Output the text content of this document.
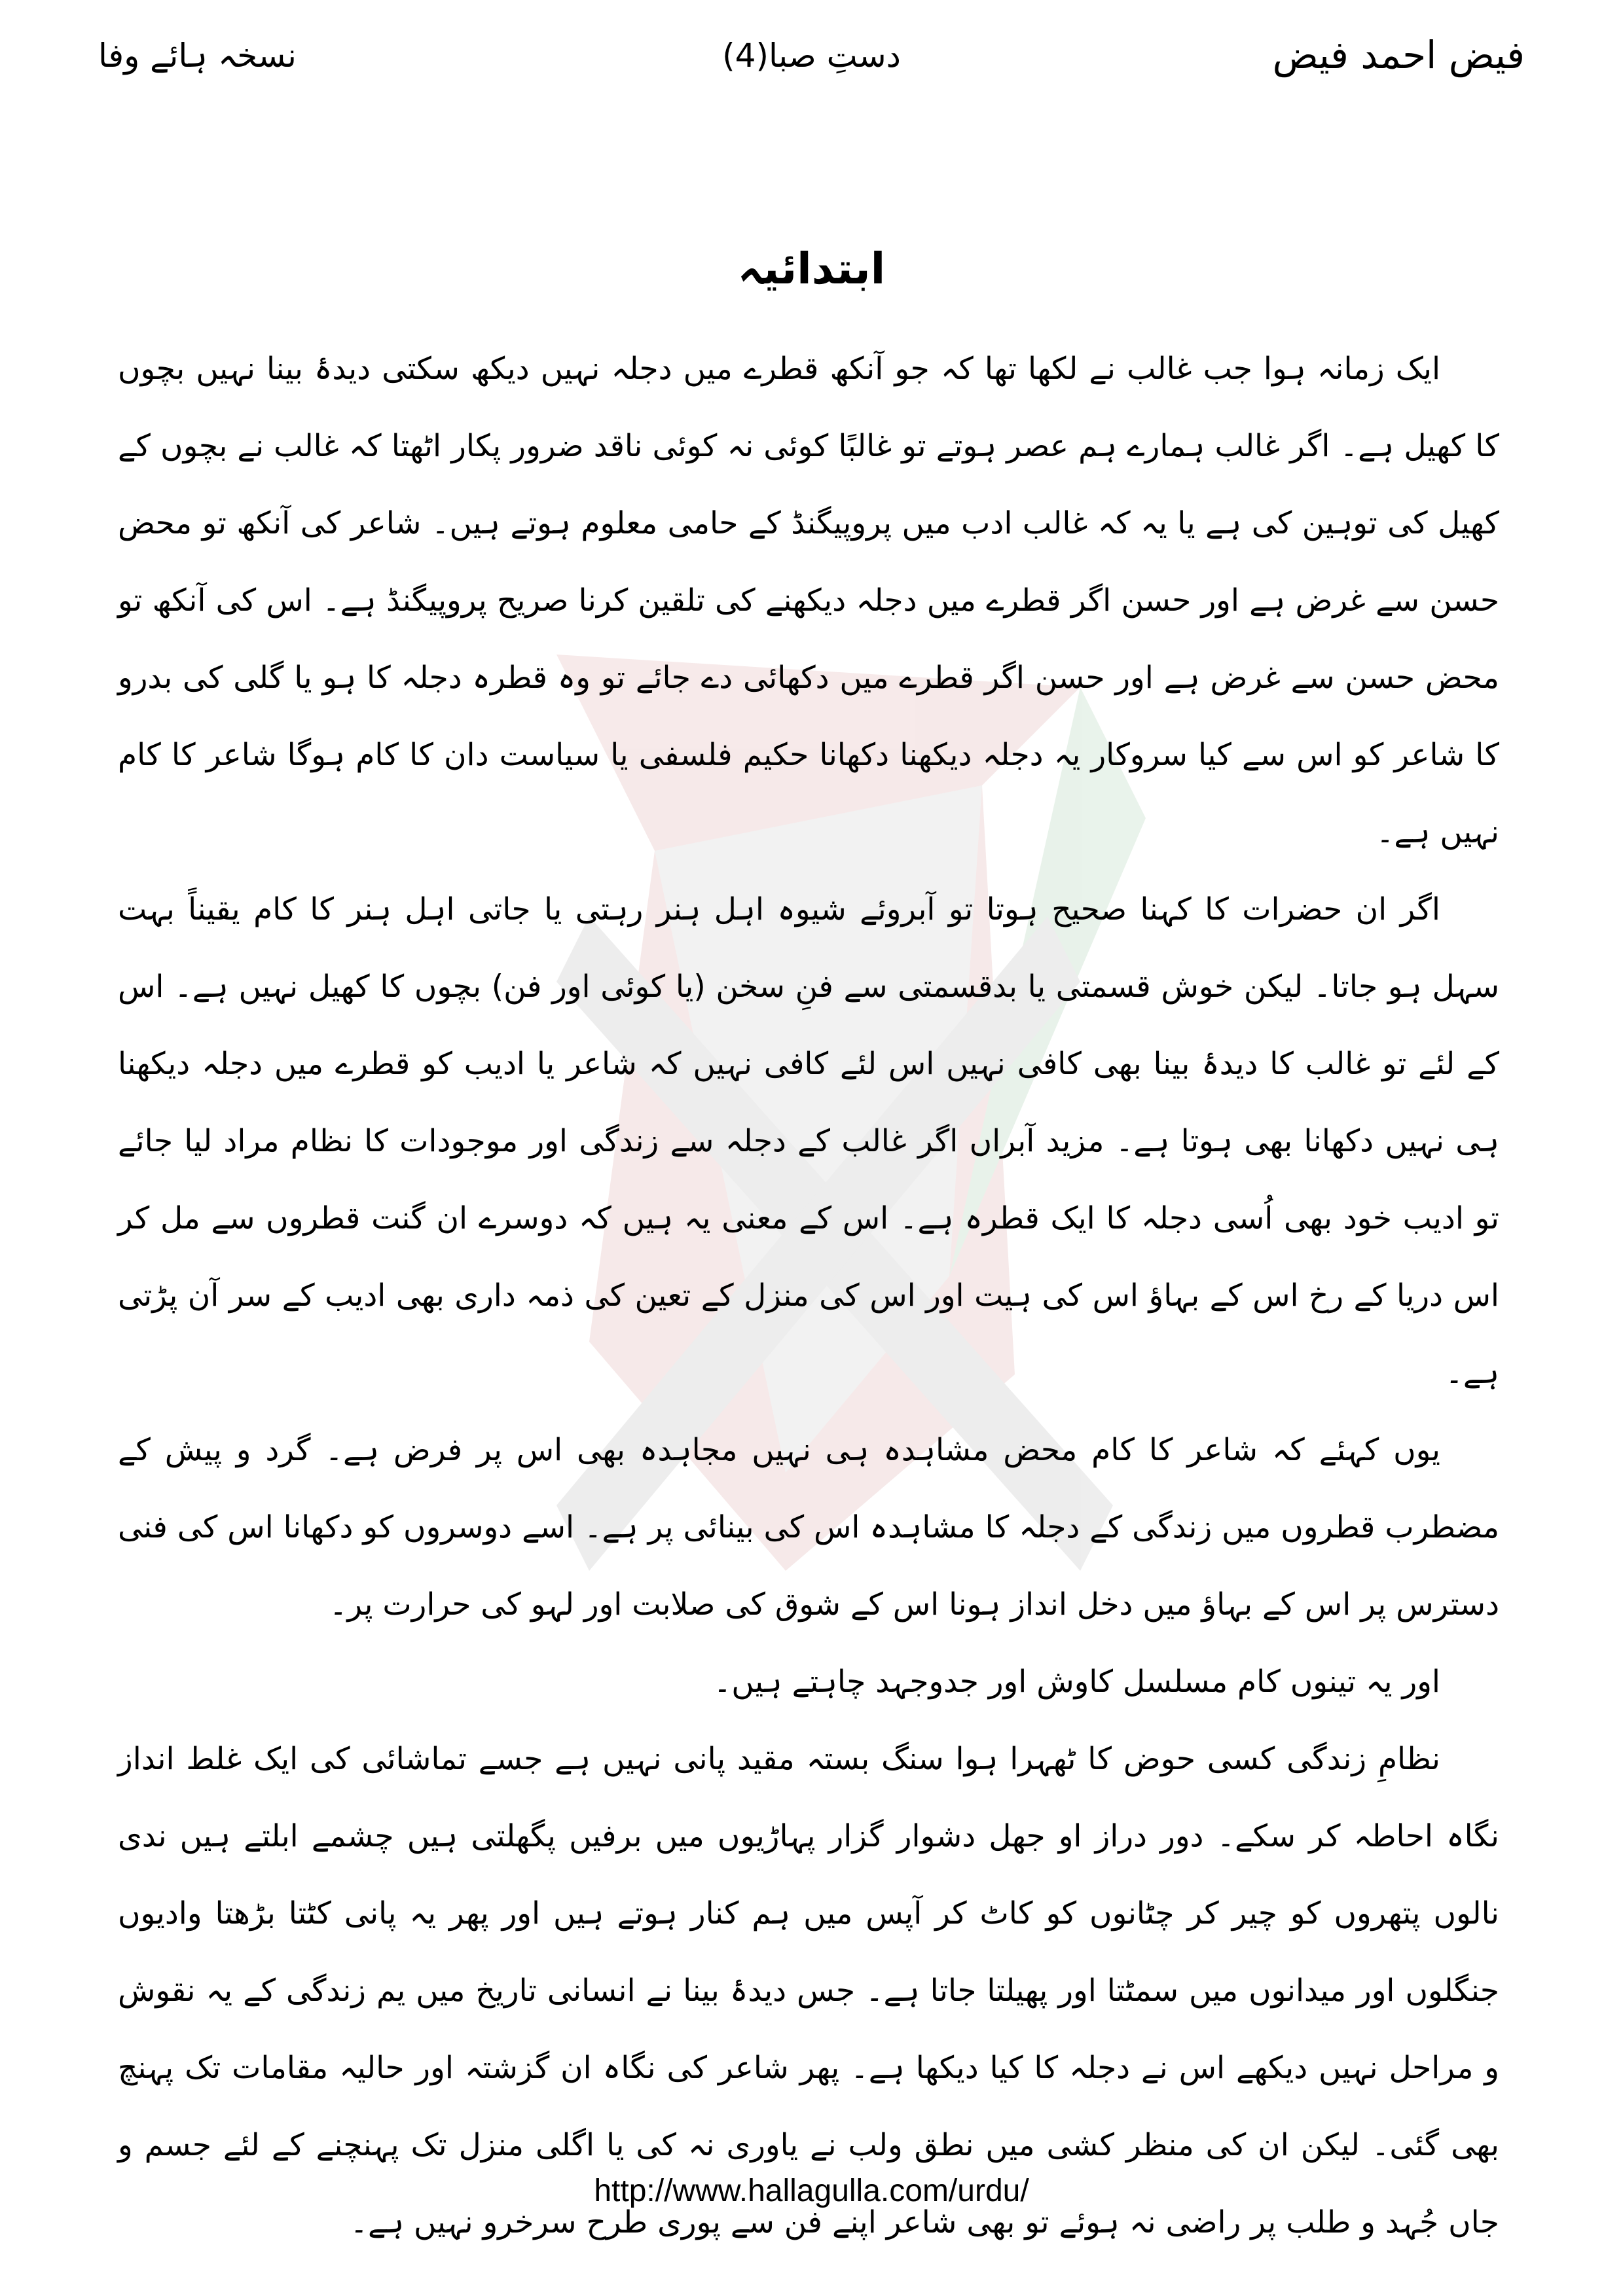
فیض احمد فیض
دستِ صبا(4)
نسخہ ہائے وفا
ابتدائیہ

ایک زمانہ ہوا جب غالب نے لکھا تھا کہ جو آنکھ قطرے میں دجلہ نہیں دیکھ سکتی دیدۂ بینا نہیں بچوں کا کھیل ہے۔ اگر غالب ہمارے ہم عصر ہوتے تو غالبًا کوئی نہ کوئی ناقد ضرور پکار اٹھتا کہ غالب نے بچوں کے کھیل کی توہین کی ہے یا یہ کہ غالب ادب میں پروپیگنڈ کے حامی معلوم ہوتے ہیں۔ شاعر کی آنکھ تو محض حسن سے غرض ہے اور حسن اگر قطرے میں دجلہ دیکھنے کی تلقین کرنا صریح پروپیگنڈ ہے۔ اس کی آنکھ تو محض حسن سے غرض ہے اور حسن اگر قطرے میں دکھائی دے جائے تو وہ قطرہ دجلہ کا ہو یا گلی کی بدرو کا شاعر کو اس سے کیا سروکار یہ دجلہ دیکھنا دکھانا حکیم فلسفی یا سیاست دان کا کام ہوگا شاعر کا کام نہیں ہے۔

اگر ان حضرات کا کہنا صحیح ہوتا تو آبروئے شیوہ اہل ہنر رہتی یا جاتی اہل ہنر کا کام یقیناً بہت سہل ہو جاتا۔ لیکن خوش قسمتی یا بدقسمتی سے فنِ سخن (یا کوئی اور فن) بچوں کا کھیل نہیں ہے۔ اس کے لئے تو غالب کا دیدۂ بینا بھی کافی نہیں اس لئے کافی نہیں کہ شاعر یا ادیب کو قطرے میں دجلہ دیکھنا ہی نہیں دکھانا بھی ہوتا ہے۔ مزید آبراں اگر غالب کے دجلہ سے زندگی اور موجودات کا نظام مراد لیا جائے تو ادیب خود بھی اُسی دجلہ کا ایک قطرہ ہے۔ اس کے معنی یہ ہیں کہ دوسرے ان گنت قطروں سے مل کر اس دریا کے رخ اس کے بہاؤ اس کی ہیت اور اس کی منزل کے تعین کی ذمہ داری بھی ادیب کے سر آن پڑتی ہے۔

یوں کہئے کہ شاعر کا کام محض مشاہدہ ہی نہیں مجاہدہ بھی اس پر فرض ہے۔ گرد و پیش کے مضطرب قطروں میں زندگی کے دجلہ کا مشاہدہ اس کی بینائی پر ہے۔ اسے دوسروں کو دکھانا اس کی فنی دسترس پر اس کے بہاؤ میں دخل انداز ہونا اس کے شوق کی صلابت اور لہو کی حرارت پر۔

اور یہ تینوں کام مسلسل کاوش اور جدوجہد چاہتے ہیں۔

نظامِ زندگی کسی حوض کا ٹھہرا ہوا سنگ بستہ مقید پانی نہیں ہے جسے تماشائی کی ایک غلط انداز نگاہ احاطہ کر سکے۔ دور دراز او جھل دشوار گزار پہاڑیوں میں برفیں پگھلتی ہیں چشمے ابلتے ہیں ندی نالوں پتھروں کو چیر کر چٹانوں کو کاٹ کر آپس میں ہم کنار ہوتے ہیں اور پھر یہ پانی کٹتا بڑھتا وادیوں جنگلوں اور میدانوں میں سمٹتا اور پھیلتا جاتا ہے۔ جس دیدۂ بینا نے انسانی تاریخ میں یم زندگی کے یہ نقوش و مراحل نہیں دیکھے اس نے دجلہ کا کیا دیکھا ہے۔ پھر شاعر کی نگاہ ان گزشتہ اور حالیہ مقامات تک پہنچ بھی گئی۔ لیکن ان کی منظر کشی میں نطق ولب نے یاوری نہ کی یا اگلی منزل تک پہنچنے کے لئے جسم و جاں جُہد و طلب پر راضی نہ ہوئے تو بھی شاعر اپنے فن سے پوری طرح سرخرو نہیں ہے۔

http://www.hallagulla.com/urdu/
